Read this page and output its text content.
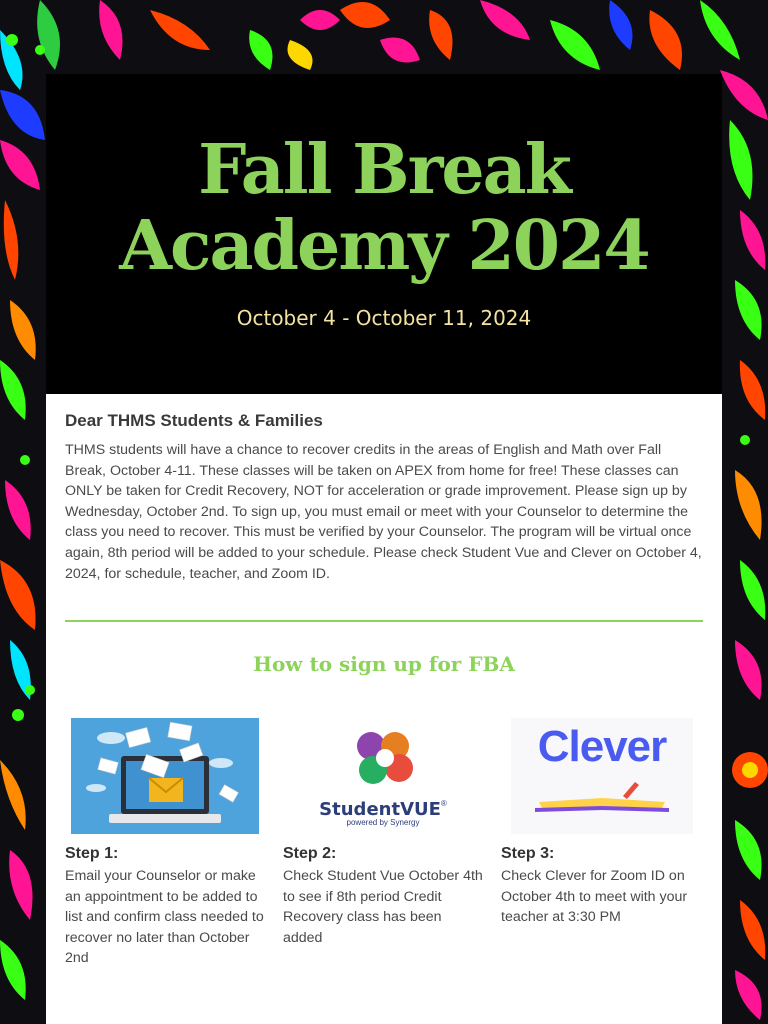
Fall Break
Academy 2024
October 4 - October 11, 2024
Dear THMS Students & Families
THMS students will have a chance to recover credits in the areas of English and Math over Fall Break, October 4-11. These classes will be taken on APEX from home for free! These classes can ONLY be taken for Credit Recovery, NOT for acceleration or grade improvement. Please sign up by Wednesday, October 2nd. To sign up, you must email or meet with your Counselor to determine the class you need to recover. This must be verified by your Counselor. The program will be virtual once again, 8th period will be added to your schedule. Please check Student Vue and Clever on October 4, 2024, for schedule, teacher, and Zoom ID.
How to sign up for FBA
StudentVUE®
powered by Synergy
Clever
Step 1:
Email your Counselor or make an appointment to be added to list and confirm class needed to recover no later than October 2nd
Step 2:
Check Student Vue October 4th to see if 8th period Credit Recovery class has been added
Step 3:
Check Clever for Zoom ID on October 4th to meet with your teacher at 3:30 PM
